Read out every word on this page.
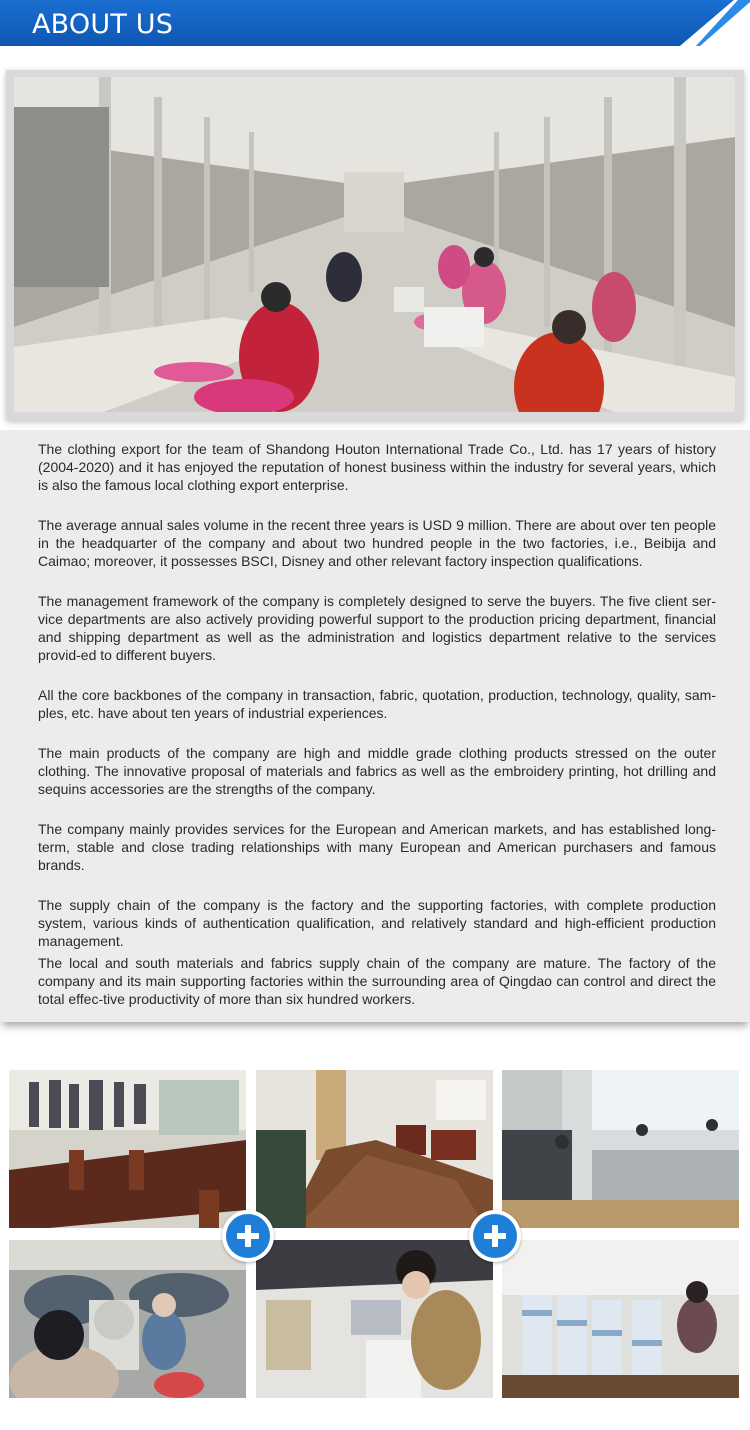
ABOUT US

The clothing export for the team of Shandong Houton International Trade Co., Ltd. has 17 years of history (2004-2020) and it has enjoyed the reputation of honest business within the industry for several years, which is also the famous local clothing export enterprise.

The average annual sales volume in the recent three years is USD 9 million. There are about over ten people in the headquarter of the company and about two hundred people in the two factories, i.e., Beibija and Caimao; moreover, it possesses BSCI, Disney and other relevant factory inspection qualifications.

The management framework of the company is completely designed to serve the buyers. The five client ser-vice departments are also actively providing powerful support to the production pricing department, financial and shipping department as well as the administration and logistics department relative to the services provid-ed to different buyers.

All the core backbones of the company in transaction, fabric, quotation, production, technology, quality, sam-ples, etc. have about ten years of industrial experiences.

The main products of the company are high and middle grade clothing products stressed on the outer clothing. The innovative proposal of materials and fabrics as well as the embroidery printing, hot drilling and sequins accessories are the strengths of the company.

The company mainly provides services for the European and American markets, and has established long-term, stable and close trading relationships with many European and American purchasers and famous brands.

The supply chain of the company is the factory and the supporting factories, with complete production system, various kinds of authentication qualification, and relatively standard and high-efficient production management.

The local and south materials and fabrics supply chain of the company are mature. The factory of the company and its main supporting factories within the surrounding area of Qingdao can control and direct the total effec-tive productivity of more than six hundred workers.
